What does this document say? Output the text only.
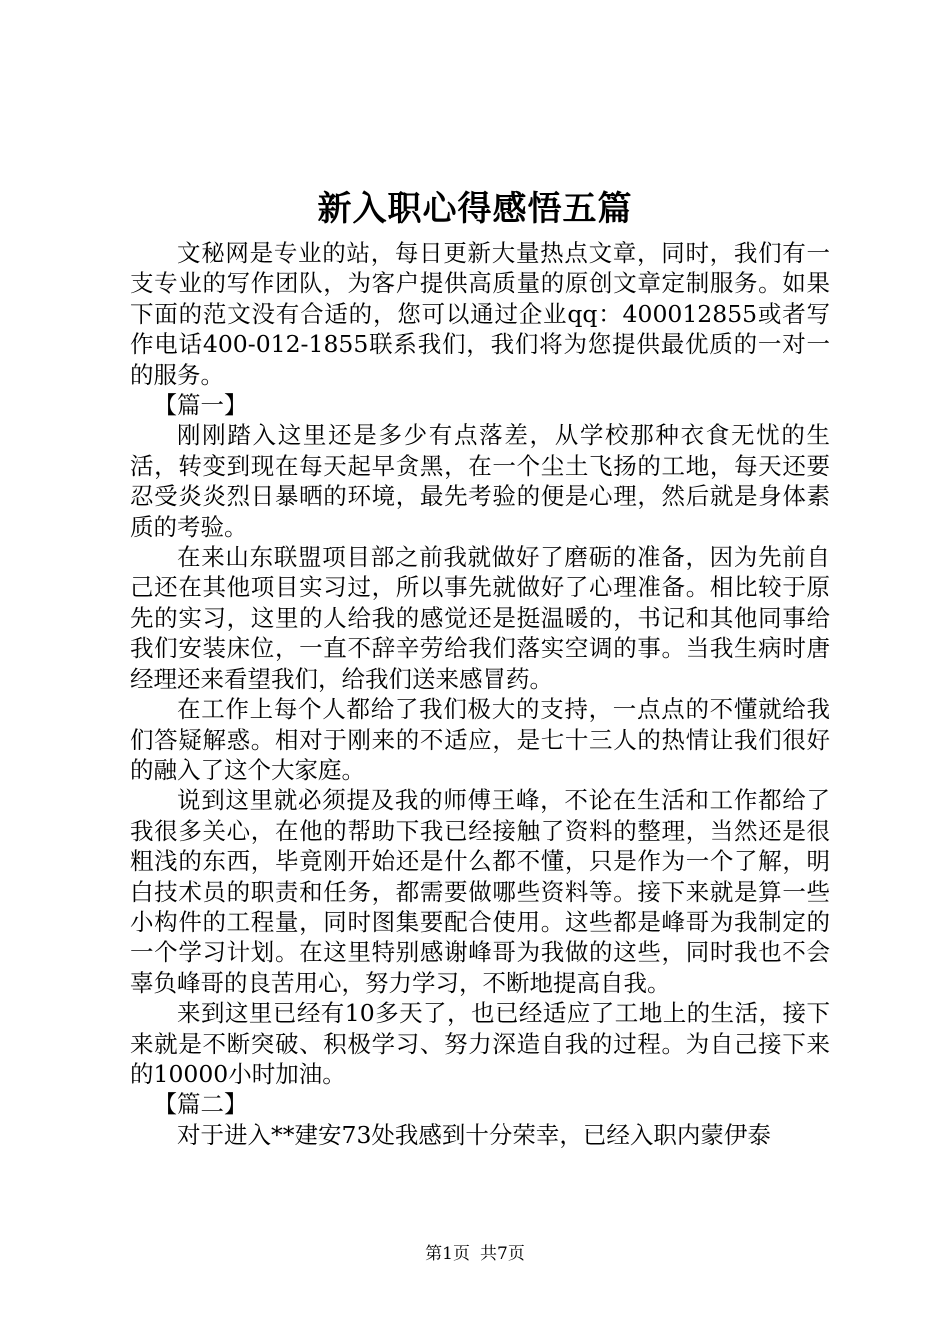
新入职心得感悟五篇

文秘网是专业的站，每日更新大量热点文章，同时，我们有一支专业的写作团队，为客户提供高质量的原创文章定制服务。如果下面的范文没有合适的，您可以通过企业qq：400012855或者写作电话400-012-1855联系我们，我们将为您提供最优质的一对一的服务。

【篇一】

刚刚踏入这里还是多少有点落差，从学校那种衣食无忧的生活，转变到现在每天起早贪黑，在一个尘土飞扬的工地，每天还要忍受炎炎烈日暴晒的环境，最先考验的便是心理，然后就是身体素质的考验。

在来山东联盟项目部之前我就做好了磨砺的准备，因为先前自己还在其他项目实习过，所以事先就做好了心理准备。相比较于原先的实习，这里的人给我的感觉还是挺温暖的，书记和其他同事给我们安装床位，一直不辞辛劳给我们落实空调的事。当我生病时唐经理还来看望我们，给我们送来感冒药。

在工作上每个人都给了我们极大的支持，一点点的不懂就给我们答疑解惑。相对于刚来的不适应，是七十三人的热情让我们很好的融入了这个大家庭。

说到这里就必须提及我的师傅王峰，不论在生活和工作都给了我很多关心，在他的帮助下我已经接触了资料的整理，当然还是很粗浅的东西，毕竟刚开始还是什么都不懂，只是作为一个了解，明白技术员的职责和任务，都需要做哪些资料等。接下来就是算一些小构件的工程量，同时图集要配合使用。这些都是峰哥为我制定的一个学习计划。在这里特别感谢峰哥为我做的这些，同时我也不会辜负峰哥的良苦用心，努力学习，不断地提高自我。

来到这里已经有10多天了，也已经适应了工地上的生活，接下来就是不断突破、积极学习、努力深造自我的过程。为自己接下来的10000小时加油。

【篇二】

对于进入**建安73处我感到十分荣幸，已经入职内蒙伊泰

第1页 共7页
